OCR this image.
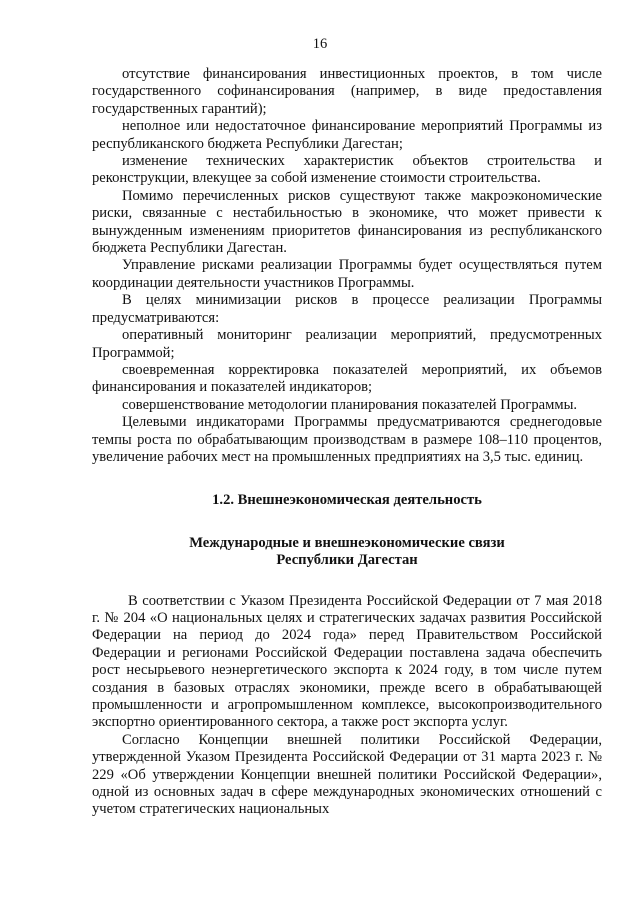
16

отсутствие финансирования инвестиционных проектов, в том числе государственного софинансирования (например, в виде предоставления государственных гарантий);

неполное или недостаточное финансирование мероприятий Программы из республиканского бюджета Республики Дагестан;

изменение технических характеристик объектов строительства и реконструкции, влекущее за собой изменение стоимости строительства.

Помимо перечисленных рисков существуют также макроэкономические риски, связанные с нестабильностью в экономике, что может привести к вынужденным изменениям приоритетов финансирования из республиканского бюджета Республики Дагестан.

Управление рисками реализации Программы будет осуществляться путем координации деятельности участников Программы.

В целях минимизации рисков в процессе реализации Программы предусматриваются:

оперативный мониторинг реализации мероприятий, предусмотренных Программой;

своевременная корректировка показателей мероприятий, их объемов финансирования и показателей индикаторов;

совершенствование методологии планирования показателей Программы.

Целевыми индикаторами Программы предусматриваются среднегодовые темпы роста по обрабатывающим производствам в размере 108–110 процентов, увеличение рабочих мест на промышленных предприятиях на 3,5 тыс. единиц.

1.2. Внешнеэкономическая деятельность

Международные и внешнеэкономические связи

Республики Дагестан

В соответствии с Указом Президента Российской Федерации от 7 мая 2018 г. № 204 «О национальных целях и стратегических задачах развития Российской Федерации на период до 2024 года» перед Правительством Российской Федерации и регионами Российской Федерации поставлена задача обеспечить рост несырьевого неэнергетического экспорта к 2024 году, в том числе путем создания в базовых отраслях экономики, прежде всего в обрабатывающей промышленности и агропромышленном комплексе, высокопроизводительного экспортно ориентированного сектора, а также рост экспорта услуг.

Согласно Концепции внешней политики Российской Федерации, утвержденной Указом Президента Российской Федерации от 31 марта 2023 г. № 229 «Об утверждении Концепции внешней политики Российской Федерации», одной из основных задач в сфере международных экономических отношений с учетом стратегических национальных
